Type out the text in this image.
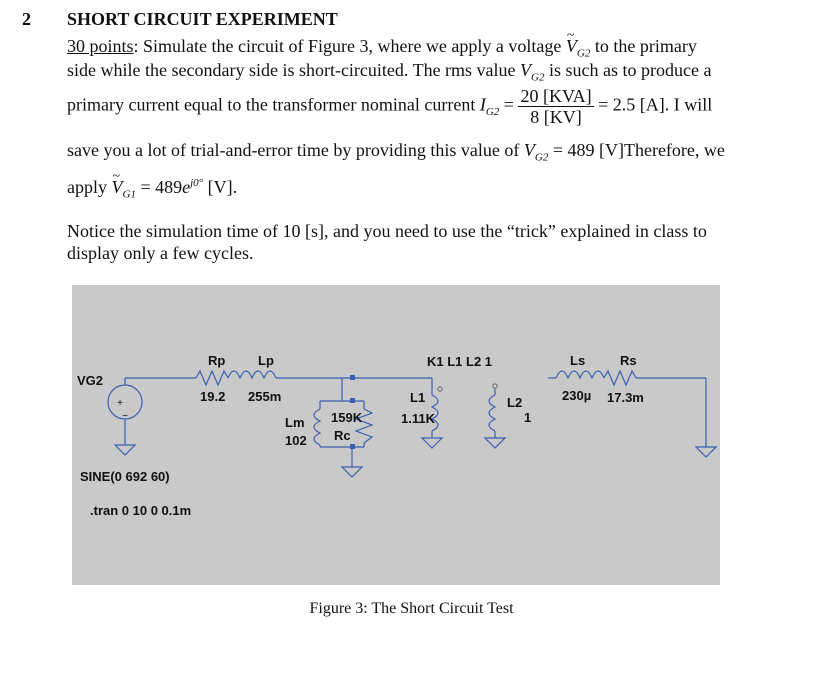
2 SHORT CIRCUIT EXPERIMENT
30 points: Simulate the circuit of Figure 3, where we apply a voltage ~ $V_{G2}$ to the primary
side while the secondary side is short-circuited. The rms value $V_{G2}$ is such as to produce a
primary current equal to the transformer nominal current $I_{G2} = \frac{\text{20 [KVA]}}{8 [KV]} = 2.5$ [A]. I will
save you a lot of trial-and-error time by providing this value of $V_{G2} = 489$ [V]Therefore, we
apply ~ $V_{G1} = 489e^{j0^\circ}$ [V].
Notice the simulation time of 10 [s], and you need to use the “trick” explained in class to
display only a few cycles.
+
−
VG2
SINE(0 692 60)
.tran 0 10 0 0.1m
Rp
19.2
Lp
255m
Lm
102
159K
Rc
K1 L1 L2 1
L1
1.11K
L2
1
Ls
230µ
Rs
17.3m
Figure 3: The Short Circuit Test
